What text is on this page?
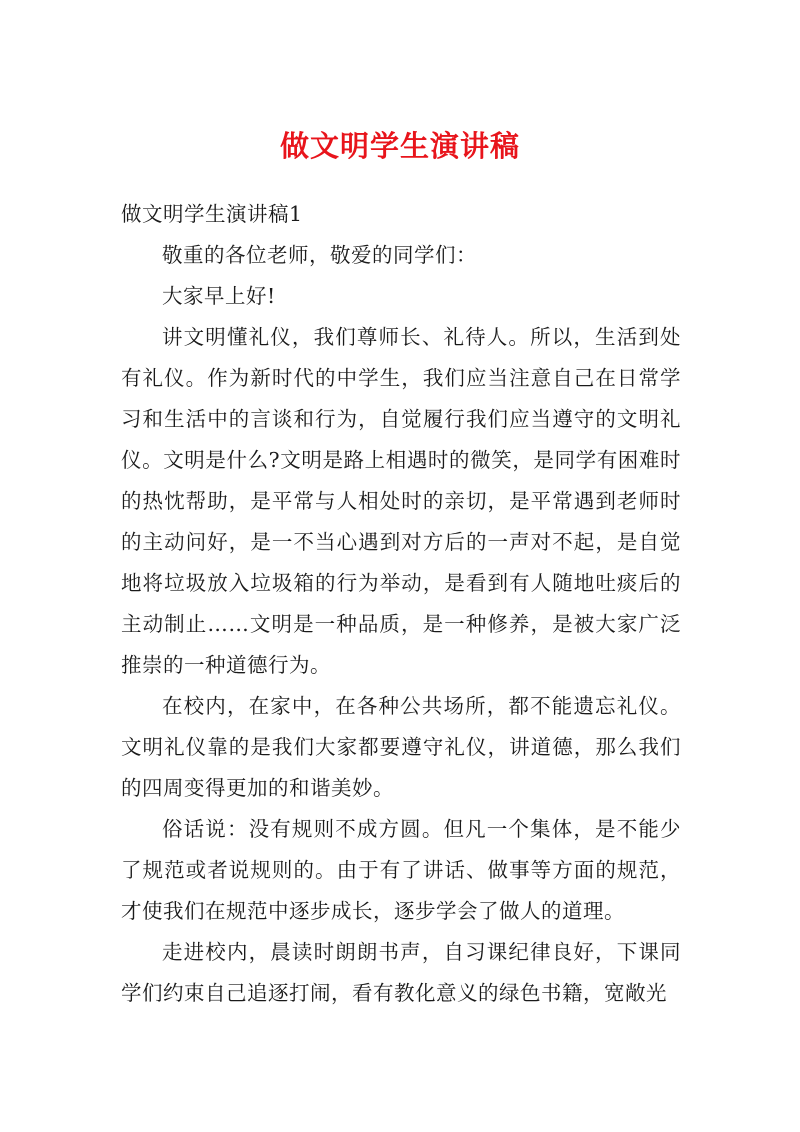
做文明学生演讲稿

做文明学生演讲稿1

敬重的各位老师，敬爱的同学们：

大家早上好!

讲文明懂礼仪，我们尊师长、礼待人。所以，生活到处有礼仪。作为新时代的中学生，我们应当注意自己在日常学习和生活中的言谈和行为，自觉履行我们应当遵守的文明礼仪。文明是什么?文明是路上相遇时的微笑，是同学有困难时的热忱帮助，是平常与人相处时的亲切，是平常遇到老师时的主动问好，是一不当心遇到对方后的一声对不起，是自觉地将垃圾放入垃圾箱的行为举动，是看到有人随地吐痰后的主动制止……文明是一种品质，是一种修养，是被大家广泛推崇的一种道德行为。

在校内，在家中，在各种公共场所，都不能遗忘礼仪。文明礼仪靠的是我们大家都要遵守礼仪，讲道德，那么我们的四周变得更加的和谐美妙。

俗话说：没有规则不成方圆。但凡一个集体，是不能少了规范或者说规则的。由于有了讲话、做事等方面的规范，才使我们在规范中逐步成长，逐步学会了做人的道理。

走进校内，晨读时朗朗书声，自习课纪律良好，下课同学们约束自己追逐打闹，看有教化意义的绿色书籍，宽敞光
